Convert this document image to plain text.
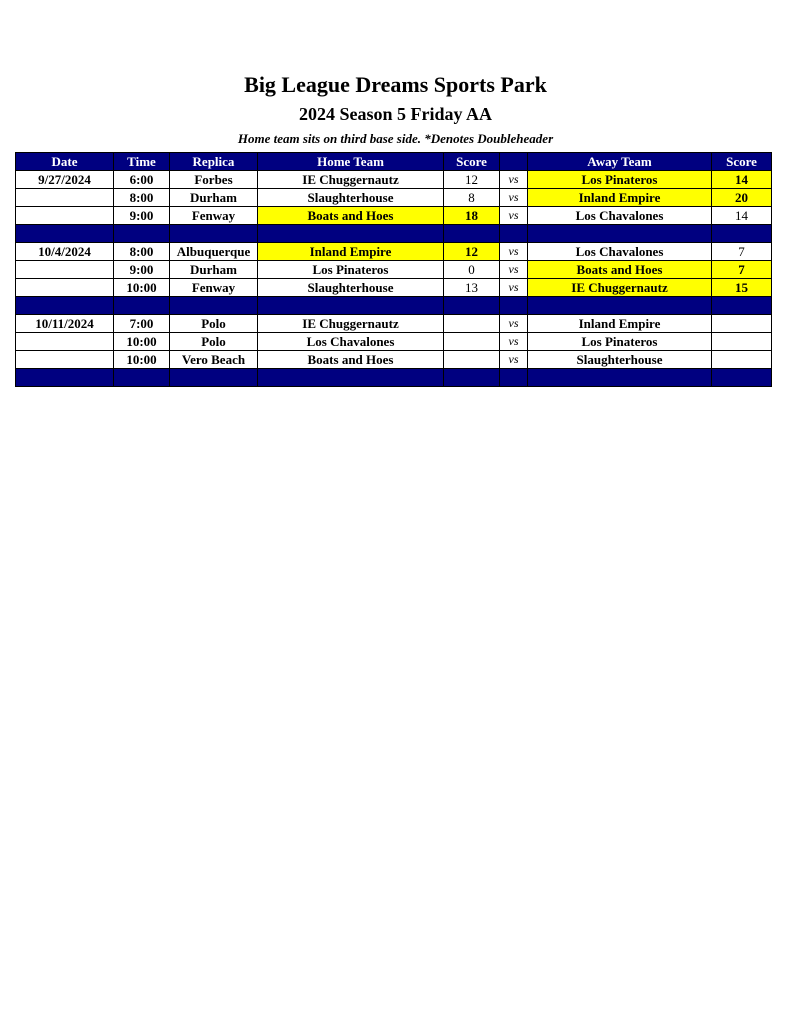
Big League Dreams Sports Park
2024 Season 5 Friday AA
Home team sits on third base side. *Denotes Doubleheader
Date	Time	Replica	Home Team	Score		Away Team	Score
9/27/2024	6:00	Forbes	IE Chuggernautz	12	vs	Los Pinateros	14
	8:00	Durham	Slaughterhouse	8	vs	Inland Empire	20
	9:00	Fenway	Boats and Hoes	18	vs	Los Chavalones	14

10/4/2024	8:00	Albuquerque	Inland Empire	12	vs	Los Chavalones	7
	9:00	Durham	Los Pinateros	0	vs	Boats and Hoes	7
	10:00	Fenway	Slaughterhouse	13	vs	IE Chuggernautz	15

10/11/2024	7:00	Polo	IE Chuggernautz		vs	Inland Empire	
	10:00	Polo	Los Chavalones		vs	Los Pinateros	
	10:00	Vero Beach	Boats and Hoes		vs	Slaughterhouse	
